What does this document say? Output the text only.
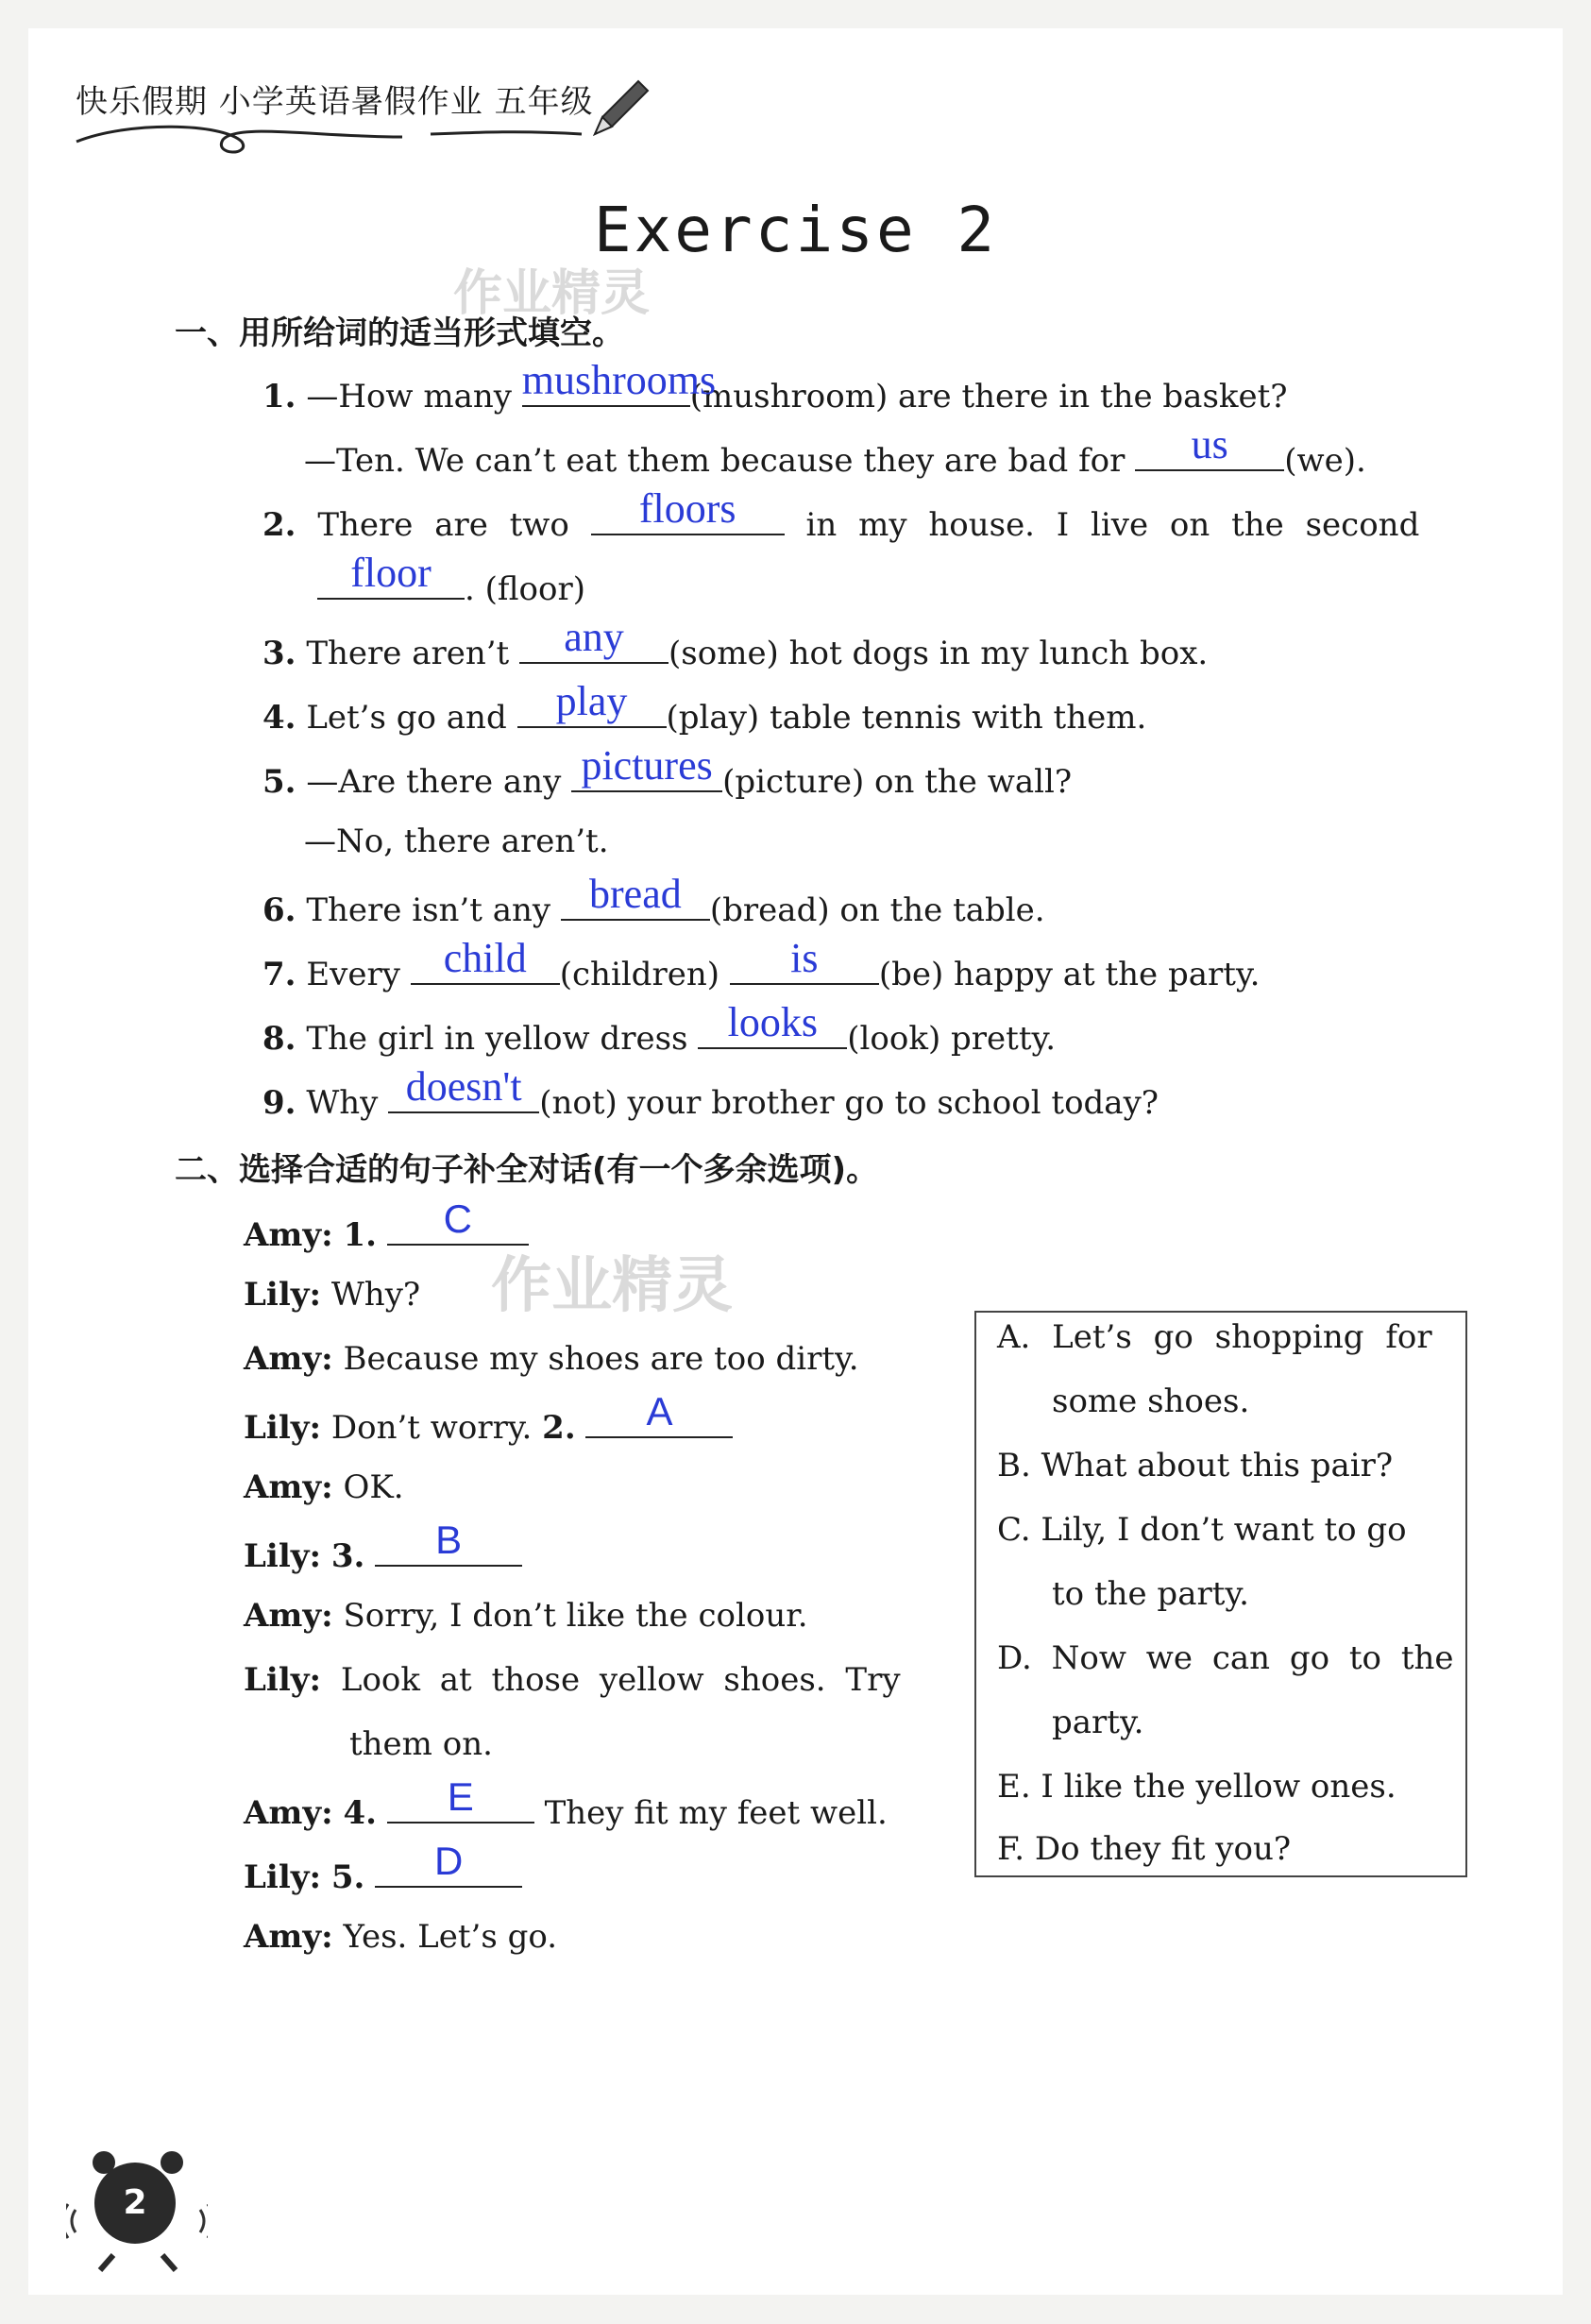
快乐假期 小学英语暑假作业 五年级
Exercise 2
作业精灵
一、用所给词的适当形式填空。
1. —How many mushrooms
(mushroom) are there in the basket?
—Ten. We can’t eat them because they are bad for	us	(we).
2. There are two	floors	in my house. I live on the second
floor	. (floor)
3. There aren’t	any	(some) hot dogs in my lunch box.
4. Let’s go and	play	(play) table tennis with them.
5. —Are there any pictures (picture) on the wall?
—No, there aren’t.
6. There isn’t any bread (bread) on the table.
7. Every	child	(children)	is	(be) happy at the party.
8. The girl in yellow dress looks (look) pretty.
9. Why doesn't (not) your brother go to school today?
二、选择合适的句子补全对话(有一个多余选项)。
作业精灵
Amy: 1.	C
Lily: Why?
Amy: Because my shoes are too dirty.
Lily: Don’t worry. 2.	A
Amy: OK.
Lily: 3.	B
Amy: Sorry, I don’t like the colour.
Lily: Look at those yellow shoes. Try
them on.
Amy: 4.	E	They fit my feet well.
Lily: 5.	D
Amy: Yes. Let’s go.
A. Let’s go shopping for
some shoes.
B. What about this pair?
C. Lily, I don’t want to go
to the party.
D. Now we can go to the
party.
E. I like the yellow ones.
F. Do they fit you?
2
